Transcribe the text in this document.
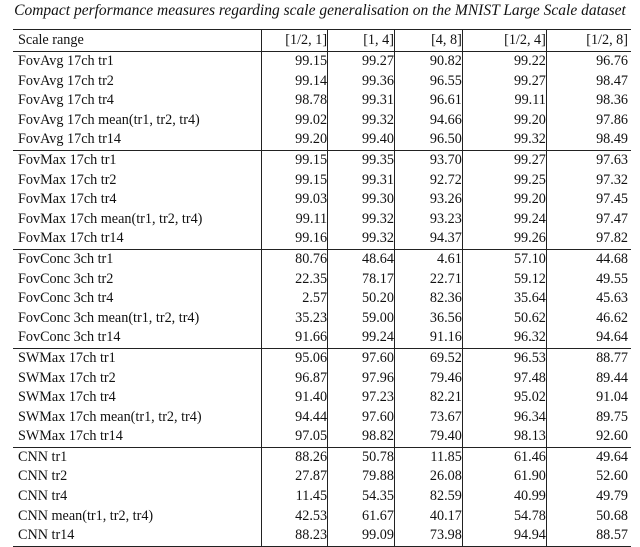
Compact performance measures regarding scale generalisation on the MNIST Large Scale dataset
Scale range	[1/2, 1]	[1, 4]	[4, 8]	[1/2, 4]	[1/2, 8]
FovAvg 17ch tr1	99.15	99.27	90.82	99.22	96.76
FovAvg 17ch tr2	99.14	99.36	96.55	99.27	98.47
FovAvg 17ch tr4	98.78	99.31	96.61	99.11	98.36
FovAvg 17ch mean(tr1, tr2, tr4)	99.02	99.32	94.66	99.20	97.86
FovAvg 17ch tr14	99.20	99.40	96.50	99.32	98.49
FovMax 17ch tr1	99.15	99.35	93.70	99.27	97.63
FovMax 17ch tr2	99.15	99.31	92.72	99.25	97.32
FovMax 17ch tr4	99.03	99.30	93.26	99.20	97.45
FovMax 17ch mean(tr1, tr2, tr4)	99.11	99.32	93.23	99.24	97.47
FovMax 17ch tr14	99.16	99.32	94.37	99.26	97.82
FovConc 3ch tr1	80.76	48.64	4.61	57.10	44.68
FovConc 3ch tr2	22.35	78.17	22.71	59.12	49.55
FovConc 3ch tr4	2.57	50.20	82.36	35.64	45.63
FovConc 3ch mean(tr1, tr2, tr4)	35.23	59.00	36.56	50.62	46.62
FovConc 3ch tr14	91.66	99.24	91.16	96.32	94.64
SWMax 17ch tr1	95.06	97.60	69.52	96.53	88.77
SWMax 17ch tr2	96.87	97.96	79.46	97.48	89.44
SWMax 17ch tr4	91.40	97.23	82.21	95.02	91.04
SWMax 17ch mean(tr1, tr2, tr4)	94.44	97.60	73.67	96.34	89.75
SWMax 17ch tr14	97.05	98.82	79.40	98.13	92.60
CNN tr1	88.26	50.78	11.85	61.46	49.64
CNN tr2	27.87	79.88	26.08	61.90	52.60
CNN tr4	11.45	54.35	82.59	40.99	49.79
CNN mean(tr1, tr2, tr4)	42.53	61.67	40.17	54.78	50.68
CNN tr14	88.23	99.09	73.98	94.94	88.57
